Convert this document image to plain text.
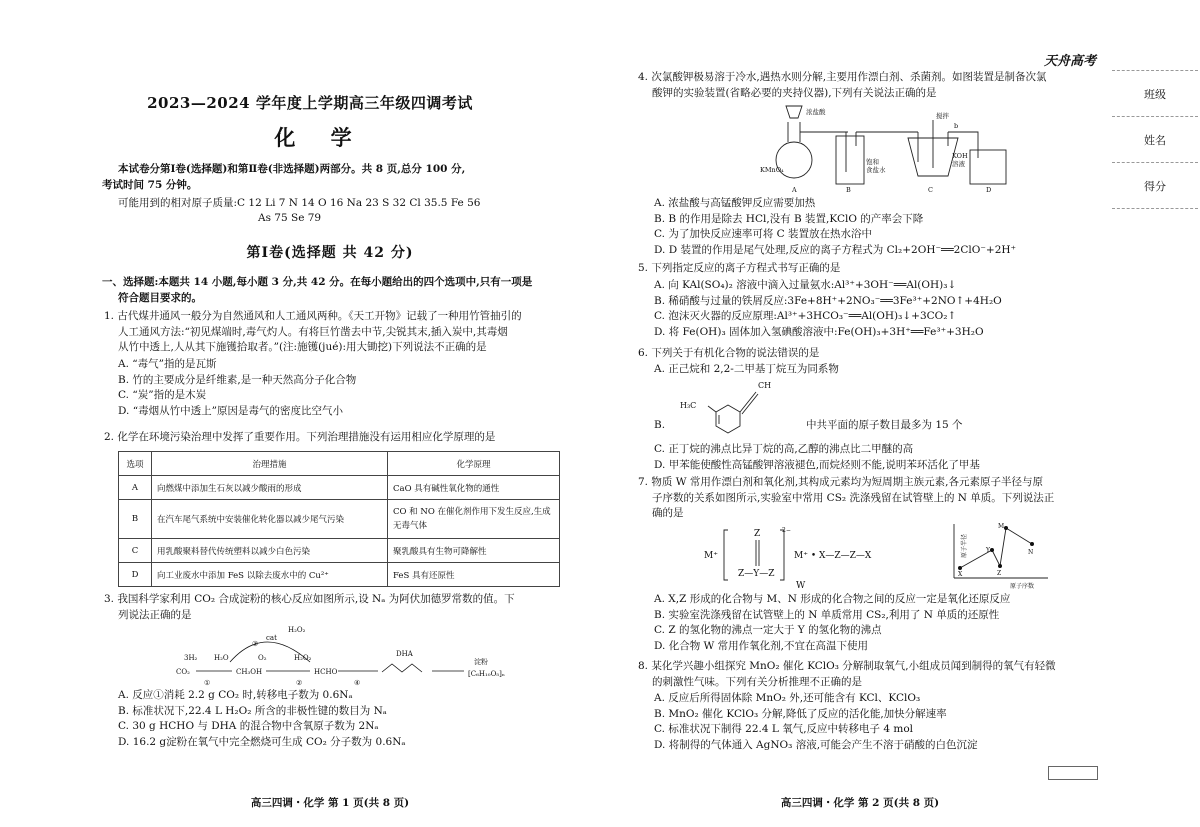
天舟高考
班级
姓名
得分
2023—2024 学年度上学期高三年级四调考试
化 学
本试卷分第Ⅰ卷(选择题)和第Ⅱ卷(非选择题)两部分。共 8 页,总分 100 分,
考试时间 75 分钟。
可能用到的相对原子质量:C 12 Li 7 N 14 O 16 Na 23 S 32 Cl 35.5 Fe 56
As 75 Se 79
第Ⅰ卷(选择题 共 42 分)
一、选择题:本题共 14 小题,每小题 3 分,共 42 分。在每小题给出的四个选项中,只有一项是
符合题目要求的。
1. 古代煤井通风一般分为自然通风和人工通风两种。《天工开物》记载了一种用竹管抽引的
人工通风方法:“初见煤端时,毒气灼人。有将巨竹凿去中节,尖锐其末,插入炭中,其毒烟
从竹中透上,人从其下施镬拾取者。”(注:施镬(jué):用大锄挖)下列说法不正确的是
A. “毒气”指的是瓦斯
B. 竹的主要成分是纤维素,是一种天然高分子化合物
C. “炭”指的是木炭
D. “毒烟从竹中透上”原因是毒气的密度比空气小
2. 化学在环境污染治理中发挥了重要作用。下列治理措施没有运用相应化学原理的是
选项	治理措施	化学原理
A	向燃煤中添加生石灰以减少酸雨的形成	CaO 具有碱性氧化物的通性
B	在汽车尾气系统中安装催化转化器以减少尾气污染	CO 和 NO 在催化剂作用下发生反应,生成无毒气体
C	用乳酸聚料替代传统塑料以减少白色污染	聚乳酸具有生物可降解性
D	向工业废水中添加 FeS 以除去废水中的 Cu²⁺	FeS 具有还原性
3. 我国科学家利用 CO₂ 合成淀粉的核心反应如图所示,设 Nₐ 为阿伏加德罗常数的值。下
列说法正确的是
3H₂
CO₂
①
H₂O
CH₃OH
O₂
②
cat
③
H₂O₂
H₂O₂
HCHO
④
DHA
淀粉
[C₆H₁₀O₅]ₙ
A. 反应①消耗 2.2 g CO₂ 时,转移电子数为 0.6Nₐ
B. 标准状况下,22.4 L H₂O₂ 所含的非极性键的数目为 Nₐ
C. 30 g HCHO 与 DHA 的混合物中含氧原子数为 2Nₐ
D. 16.2 g淀粉在氧气中完全燃烧可生成 CO₂ 分子数为 0.6Nₐ
高三四调・化学 第 1 页(共 8 页)
4. 次氯酸钾极易溶于冷水,遇热水则分解,主要用作漂白剂、杀菌剂。如图装置是制备次氯
酸钾的实验装置(省略必要的夹持仪器),下列有关说法正确的是
浓盐酸
KMnO₄
A
饱和
食盐水
B
搅拌
b
KOH
溶液
C	D
A. 浓盐酸与高锰酸钾反应需要加热
B. B 的作用是除去 HCl,没有 B 装置,KClO 的产率会下降
C. 为了加快反应速率可将 C 装置放在热水浴中
D. D 装置的作用是尾气处理,反应的离子方程式为 Cl₂+2OH⁻══2ClO⁻+2H⁺
5. 下列指定反应的离子方程式书写正确的是
A. 向 KAl(SO₄)₂ 溶液中滴入过量氨水:Al³⁺+3OH⁻══Al(OH)₃↓
B. 稀硝酸与过量的铁屑反应:3Fe+8H⁺+2NO₃⁻══3Fe³⁺+2NO↑+4H₂O
C. 泡沫灭火器的反应原理:Al³⁺+3HCO₃⁻══Al(OH)₃↓+3CO₂↑
D. 将 Fe(OH)₃ 固体加入氢碘酸溶液中:Fe(OH)₃+3H⁺══Fe³⁺+3H₂O
6. 下列关于有机化合物的说法错误的是
A. 正己烷和 2,2-二甲基丁烷互为同系物
CH
H₃C
B.	中共平面的原子数目最多为 15 个
C. 正丁烷的沸点比异丁烷的高,乙醇的沸点比二甲醚的高
D. 甲苯能使酸性高锰酸钾溶液褪色,而烷烃则不能,说明苯环活化了甲基
7. 物质 W 常用作漂白剂和氧化剂,其构成元素均为短周期主族元素,各元素原子半径与原
子序数的关系如图所示,实验室中常用 CS₂ 洗涤残留在试管壁上的 N 单质。下列说法正
确的是
M⁺
Z
Z—Y—Z
2−
M⁺ • X—Z—Z—X
W
原子半径
原子序数
X
Y
Z
M
N
A. X,Z 形成的化合物与 M、N 形成的化合物之间的反应一定是氧化还原反应
B. 实验室洗涤残留在试管壁上的 N 单质常用 CS₂,利用了 N 单质的还原性
C. Z 的氢化物的沸点一定大于 Y 的氢化物的沸点
D. 化合物 W 常用作氧化剂,不宜在高温下使用
8. 某化学兴趣小组探究 MnO₂ 催化 KClO₃ 分解制取氧气,小组成员闻到制得的氧气有轻微
的刺激性气味。下列有关分析推理不正确的是
A. 反应后所得固体除 MnO₂ 外,还可能含有 KCl、KClO₃
B. MnO₂ 催化 KClO₃ 分解,降低了反应的活化能,加快分解速率
C. 标准状况下制得 22.4 L 氧气,反应中转移电子 4 mol
D. 将制得的气体通入 AgNO₃ 溶液,可能会产生不溶于硝酸的白色沉淀
高三四调・化学 第 2 页(共 8 页)
